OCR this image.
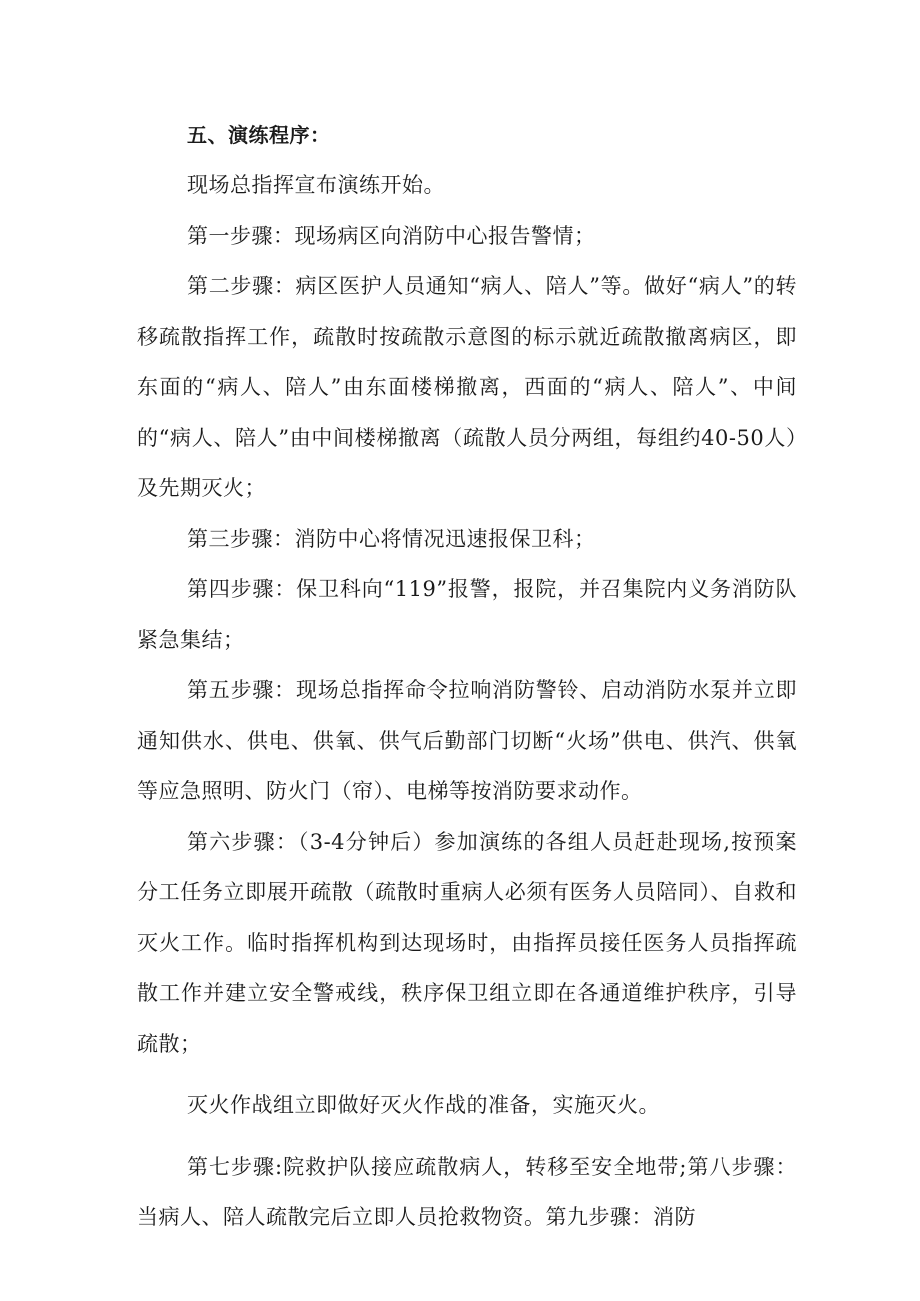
五、演练程序：

现场总指挥宣布演练开始。

第一步骤：现场病区向消防中心报告警情；

第二步骤：病区医护人员通知“病人、陪人”等。做好“病人”的转移疏散指挥工作，疏散时按疏散示意图的标示就近疏散撤离病区，即东面的“病人、陪人”由东面楼梯撤离，西面的“病人、陪人”、中间的“病人、陪人”由中间楼梯撤离（疏散人员分两组，每组约40-50人）及先期灭火；

第三步骤：消防中心将情况迅速报保卫科；

第四步骤：保卫科向“119”报警，报院，并召集院内义务消防队紧急集结；

第五步骤：现场总指挥命令拉响消防警铃、启动消防水泵并立即通知供水、供电、供氧、供气后勤部门切断“火场”供电、供汽、供氧等应急照明、防火门（帘）、电梯等按消防要求动作。

第六步骤：（3-4分钟后）参加演练的各组人员赶赴现场,按预案分工任务立即展开疏散（疏散时重病人必须有医务人员陪同）、自救和灭火工作。临时指挥机构到达现场时，由指挥员接任医务人员指挥疏散工作并建立安全警戒线，秩序保卫组立即在各通道维护秩序，引导疏散；

灭火作战组立即做好灭火作战的准备，实施灭火。

第七步骤:院救护队接应疏散病人，转移至安全地带;第八步骤：当病人、陪人疏散完后立即人员抢救物资。第九步骤：消防
